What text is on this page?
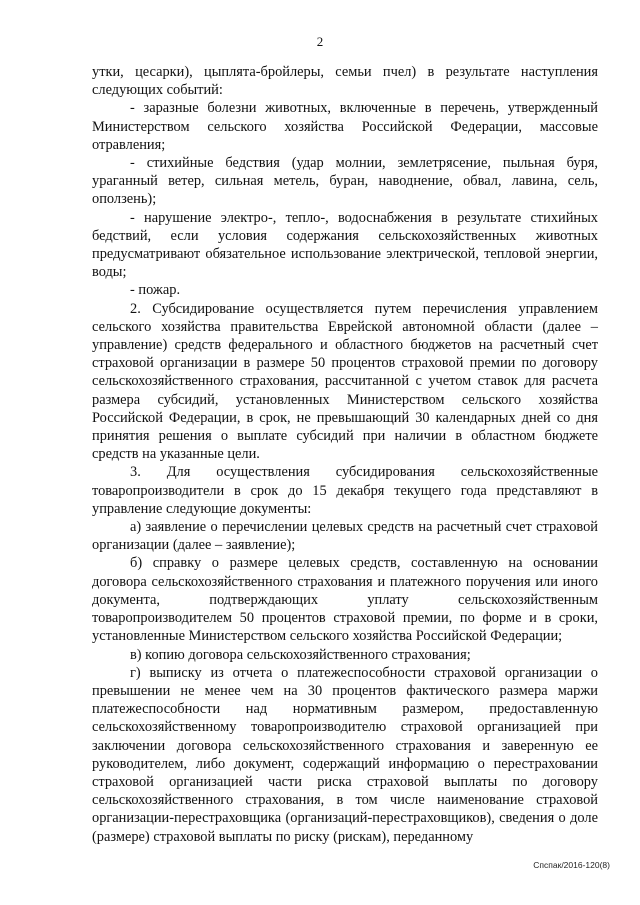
2

утки, цесарки), цыплята-бройлеры, семьи пчел) в результате наступления следующих событий:

- заразные болезни животных, включенные в перечень, утвержденный Министерством сельского хозяйства Российской Федерации, массовые отравления;

- стихийные бедствия (удар молнии, землетрясение, пыльная буря, ураганный ветер, сильная метель, буран, наводнение, обвал, лавина, сель, оползень);

- нарушение электро-, тепло-, водоснабжения в результате стихийных бедствий, если условия содержания сельскохозяйственных животных предусматривают обязательное использование электрической, тепловой энергии, воды;

- пожар.

2. Субсидирование осуществляется путем перечисления управлением сельского хозяйства правительства Еврейской автономной области (далее – управление) средств федерального и областного бюджетов на расчетный счет страховой организации в размере 50 процентов страховой премии по договору сельскохозяйственного страхования, рассчитанной с учетом ставок для расчета размера субсидий, установленных Министерством сельского хозяйства Российской Федерации, в срок, не превышающий 30 календарных дней со дня принятия решения о выплате субсидий при наличии в областном бюджете средств на указанные цели.

3. Для осуществления субсидирования сельскохозяйственные товаропроизводители в срок до 15 декабря текущего года представляют в управление следующие документы:

а) заявление о перечислении целевых средств на расчетный счет страховой организации (далее – заявление);

б) справку о размере целевых средств, составленную на основании договора сельскохозяйственного страхования и платежного поручения или иного документа, подтверждающих уплату сельскохозяйственным товаропроизводителем 50 процентов страховой премии, по форме и в сроки, установленные Министерством сельского хозяйства Российской Федерации;

в) копию договора сельскохозяйственного страхования;

г) выписку из отчета о платежеспособности страховой организации о превышении не менее чем на 30 процентов фактического размера маржи платежеспособности над нормативным размером, предоставленную сельскохозяйственному товаропроизводителю страховой организацией при заключении договора сельскохозяйственного страхования и заверенную ее руководителем, либо документ, содержащий информацию о перестраховании страховой организацией части риска страховой выплаты по договору сельскохозяйственного страхования, в том числе наименование страховой организации-перестраховщика (организаций-перестраховщиков), сведения о доле (размере) страховой выплаты по риску (рискам), переданному

Спспак/2016-120(8)
